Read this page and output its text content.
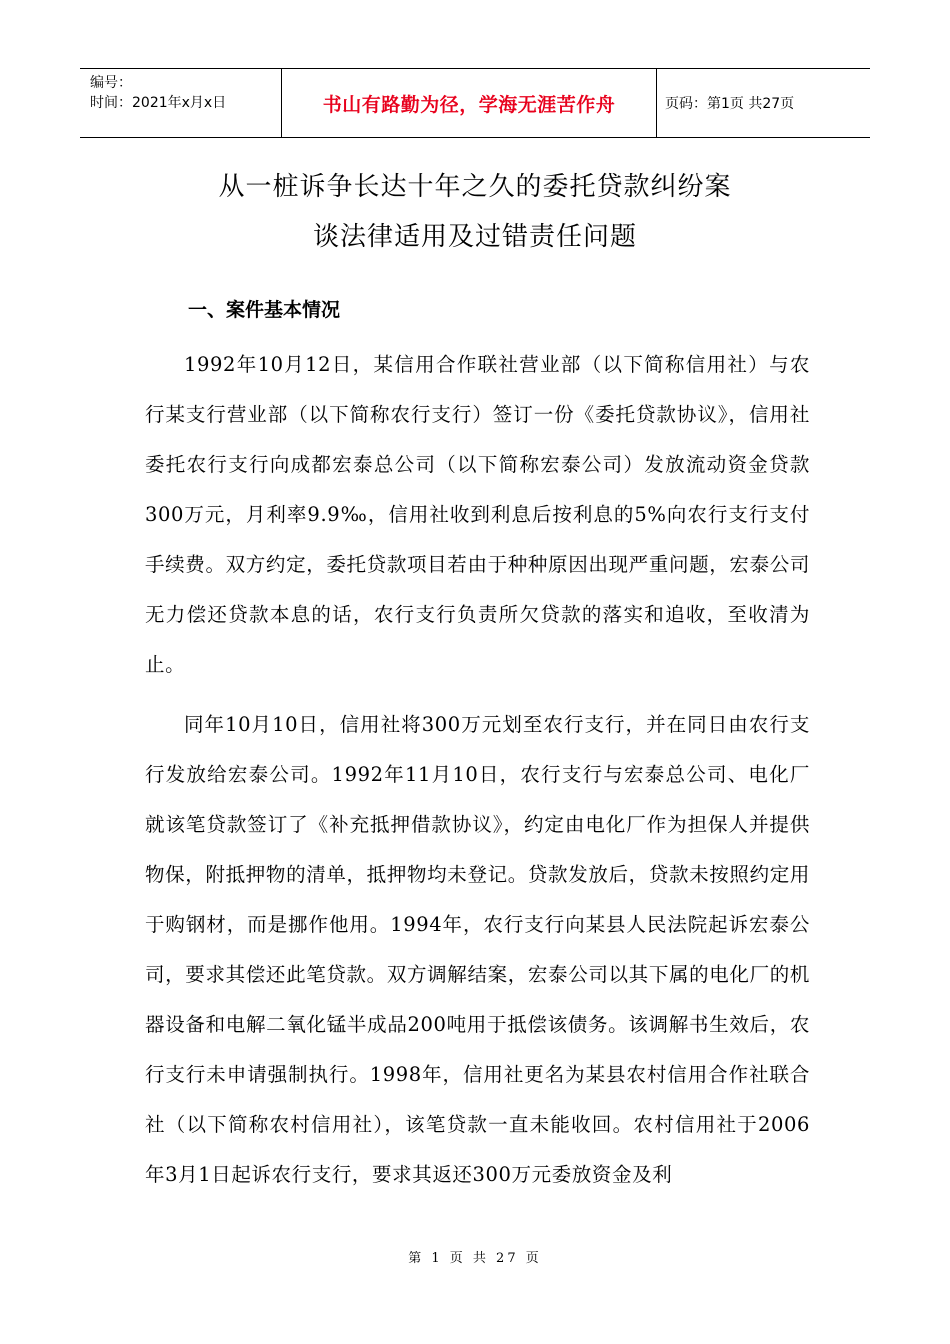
编号：
时间：2021年x月x日	书山有路勤为径，学海无涯苦作舟	页码：第1页 共27页
从一桩诉争长达十年之久的委托贷款纠纷案
谈法律适用及过错责任问题
一、案件基本情况

1992年10月12日，某信用合作联社营业部（以下简称信用社）与农行某支行营业部（以下简称农行支行）签订一份《委托贷款协议》，信用社委托农行支行向成都宏泰总公司（以下简称宏泰公司）发放流动资金贷款300万元，月利率9.9‰，信用社收到利息后按利息的5%向农行支行支付手续费。双方约定，委托贷款项目若由于种种原因出现严重问题，宏泰公司无力偿还贷款本息的话，农行支行负责所欠贷款的落实和追收，至收清为止。

同年10月10日，信用社将300万元划至农行支行，并在同日由农行支行发放给宏泰公司。1992年11月10日，农行支行与宏泰总公司、电化厂就该笔贷款签订了《补充抵押借款协议》，约定由电化厂作为担保人并提供物保，附抵押物的清单，抵押物均未登记。贷款发放后，贷款未按照约定用于购钢材，而是挪作他用。1994年，农行支行向某县人民法院起诉宏泰公司，要求其偿还此笔贷款。双方调解结案，宏泰公司以其下属的电化厂的机器设备和电解二氧化锰半成品200吨用于抵偿该债务。该调解书生效后，农行支行未申请强制执行。1998年，信用社更名为某县农村信用合作社联合社（以下简称农村信用社），该笔贷款一直未能收回。农村信用社于2006年3月1日起诉农行支行，要求其返还300万元委放资金及利

第 1 页 共 27 页
